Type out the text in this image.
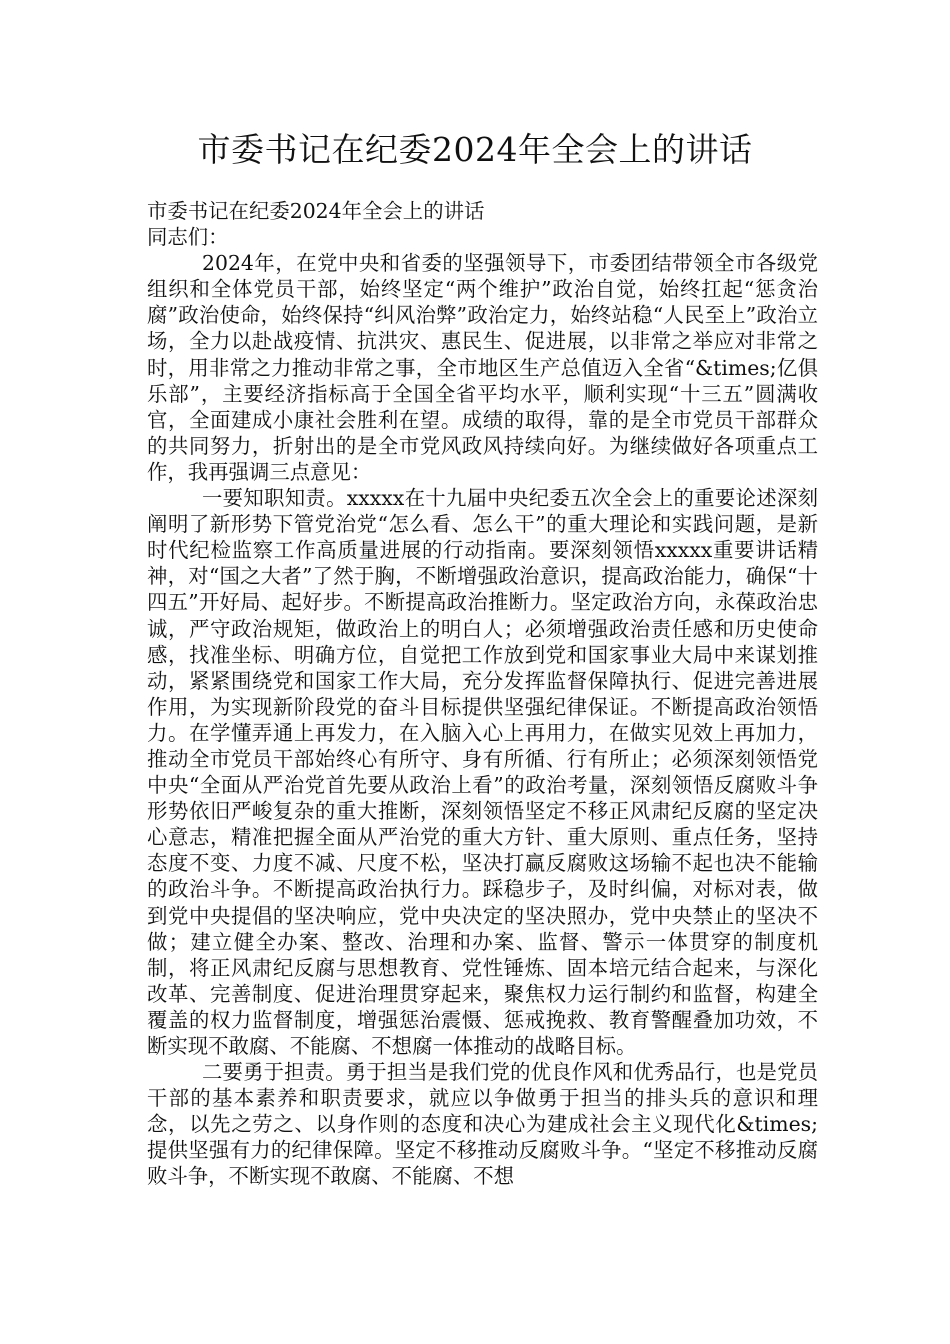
市委书记在纪委2024年全会上的讲话

市委书记在纪委2024年全会上的讲话

同志们：

2024年，在党中央和省委的坚强领导下，市委团结带领全市各级党组织和全体党员干部，始终坚定“两个维护”政治自觉，始终扛起“惩贪治腐”政治使命，始终保持“纠风治弊”政治定力，始终站稳“人民至上”政治立场，全力以赴战疫情、抗洪灾、惠民生、促进展，以非常之举应对非常之时，用非常之力推动非常之事，全市地区生产总值迈入全省“&times;亿俱乐部”，主要经济指标高于全国全省平均水平，顺利实现“十三五”圆满收官，全面建成小康社会胜利在望。成绩的取得，靠的是全市党员干部群众的共同努力，折射出的是全市党风政风持续向好。为继续做好各项重点工作，我再强调三点意见：

一要知职知责。xxxxx在十九届中央纪委五次全会上的重要论述深刻阐明了新形势下管党治党“怎么看、怎么干”的重大理论和实践问题，是新时代纪检监察工作高质量进展的行动指南。要深刻领悟xxxxx重要讲话精神，对“国之大者”了然于胸，不断增强政治意识，提高政治能力，确保“十四五”开好局、起好步。不断提高政治推断力。坚定政治方向，永葆政治忠诚，严守政治规矩，做政治上的明白人；必须增强政治责任感和历史使命感，找准坐标、明确方位，自觉把工作放到党和国家事业大局中来谋划推动，紧紧围绕党和国家工作大局，充分发挥监督保障执行、促进完善进展作用，为实现新阶段党的奋斗目标提供坚强纪律保证。不断提高政治领悟力。在学懂弄通上再发力，在入脑入心上再用力，在做实见效上再加力，推动全市党员干部始终心有所守、身有所循、行有所止；必须深刻领悟党中央“全面从严治党首先要从政治上看”的政治考量，深刻领悟反腐败斗争形势依旧严峻复杂的重大推断，深刻领悟坚定不移正风肃纪反腐的坚定决心意志，精准把握全面从严治党的重大方针、重大原则、重点任务，坚持态度不变、力度不减、尺度不松，坚决打赢反腐败这场输不起也决不能输的政治斗争。不断提高政治执行力。踩稳步子，及时纠偏，对标对表，做到党中央提倡的坚决响应，党中央决定的坚决照办，党中央禁止的坚决不做；建立健全办案、整改、治理和办案、监督、警示一体贯穿的制度机制，将正风肃纪反腐与思想教育、党性锤炼、固本培元结合起来，与深化改革、完善制度、促进治理贯穿起来，聚焦权力运行制约和监督，构建全覆盖的权力监督制度，增强惩治震慑、惩戒挽救、教育警醒叠加功效，不断实现不敢腐、不能腐、不想腐一体推动的战略目标。

二要勇于担责。勇于担当是我们党的优良作风和优秀品行，也是党员干部的基本素养和职责要求，就应以争做勇于担当的排头兵的意识和理念，以先之劳之、以身作则的态度和决心为建成社会主义现代化&times;提供坚强有力的纪律保障。坚定不移推动反腐败斗争。“坚定不移推动反腐败斗争，不断实现不敢腐、不能腐、不想
